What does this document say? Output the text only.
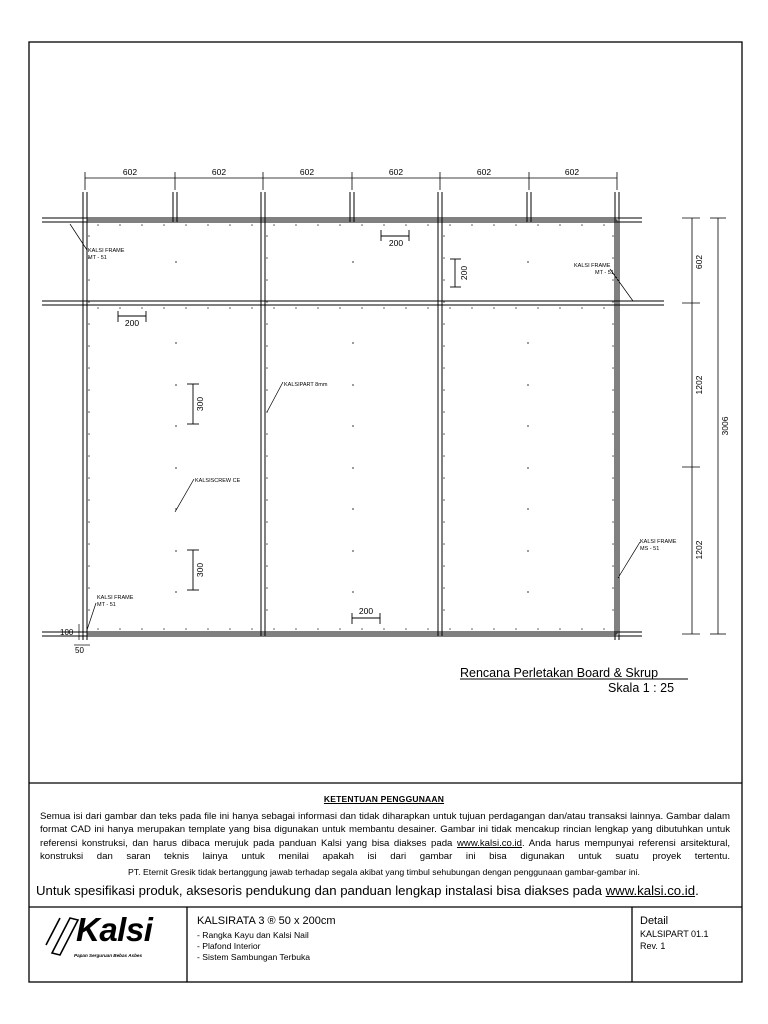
602	602	602	602	602	602
602
1202
1202
3006
200
200
200
200
300
300
KALSI FRAME
MT - 51
KALSI FRAME
MT - 51
KALSI FRAME
MS - 51
KALSI FRAME
MT - 51
KALSIPART 8mm
KALSISCREW CE
100
50
Rencana Perletakan Board & Skrup
Skala 1 : 25
KETENTUAN PENGGUNAAN
Semua isi dari gambar dan teks pada file ini hanya sebagai informasi dan tidak diharapkan untuk tujuan perdagangan dan/atau transaksi lainnya. Gambar dalam format CAD ini hanya merupakan template yang bisa digunakan untuk membantu desainer. Gambar ini tidak mencakup rincian lengkap yang dibutuhkan untuk referensi konstruksi, dan harus dibaca merujuk pada panduan Kalsi yang bisa diakses pada www.kalsi.co.id. Anda harus mempunyai referensi arsitektural, konstruksi dan saran teknis lainya untuk menilai apakah isi dari gambar ini bisa digunakan untuk suatu proyek tertentu.
PT. Eternit Gresik tidak bertanggung jawab terhadap segala akibat yang timbul sehubungan dengan penggunaan gambar-gambar ini.
Untuk spesifikasi produk, aksesoris pendukung dan panduan lengkap instalasi bisa diakses pada www.kalsi.co.id.
Kalsi
Papan Serguruan Bebas Asbes
KALSIRATA 3 ® 50 x 200cm
- Rangka Kayu dan Kalsi Nail
- Plafond Interior
- Sistem Sambungan Terbuka
Detail
KALSIPART 01.1
Rev. 1
